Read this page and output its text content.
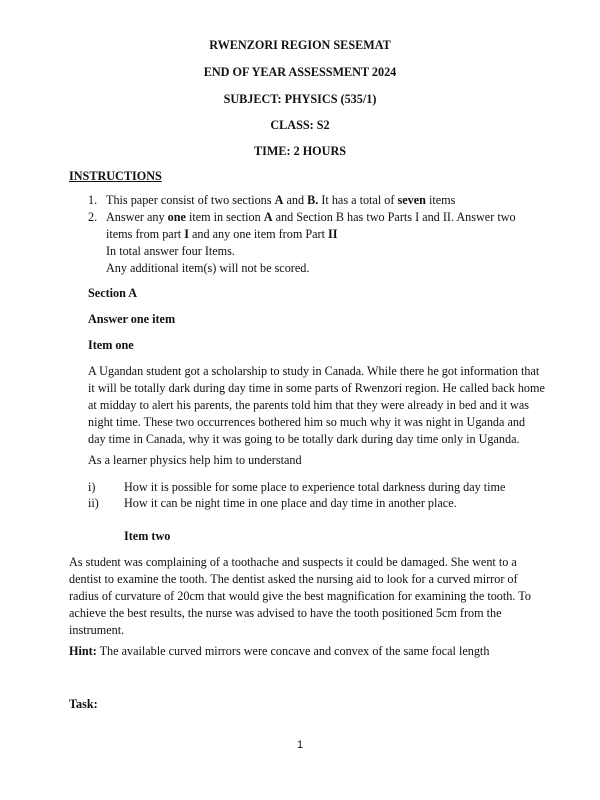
RWENZORI REGION SESEMAT
END OF YEAR ASSESSMENT 2024
SUBJECT: PHYSICS (535/1)
CLASS: S2
TIME: 2 HOURS
INSTRUCTIONS
1. This paper consist of two sections A and B. It has a total of seven items
2. Answer any one item in section A and Section B has two Parts I and II. Answer two
items from part I and any one item from Part II
In total answer four Items.
Any additional item(s) will not be scored.
Section A
Answer one item
Item one
A Ugandan student got a scholarship to study in Canada. While there he got information that
it will be totally dark during day time in some parts of Rwenzori region. He called back home
at midday to alert his parents, the parents told him that they were already in bed and it was
night time. These two occurrences bothered him so much why it was night in Uganda and
day time in Canada, why it was going to be totally dark during day time only in Uganda.
As a learner physics help him to understand
i) How it is possible for some place to experience total darkness during day time
ii) How it can be night time in one place and day time in another place.
Item two
As student was complaining of a toothache and suspects it could be damaged. She went to a
dentist to examine the tooth. The dentist asked the nursing aid to look for a curved mirror of
radius of curvature of 20cm that would give the best magnification for examining the tooth. To
achieve the best results, the nurse was advised to have the tooth positioned 5cm from the
instrument.
Hint: The available curved mirrors were concave and convex of the same focal length
Task:
1
